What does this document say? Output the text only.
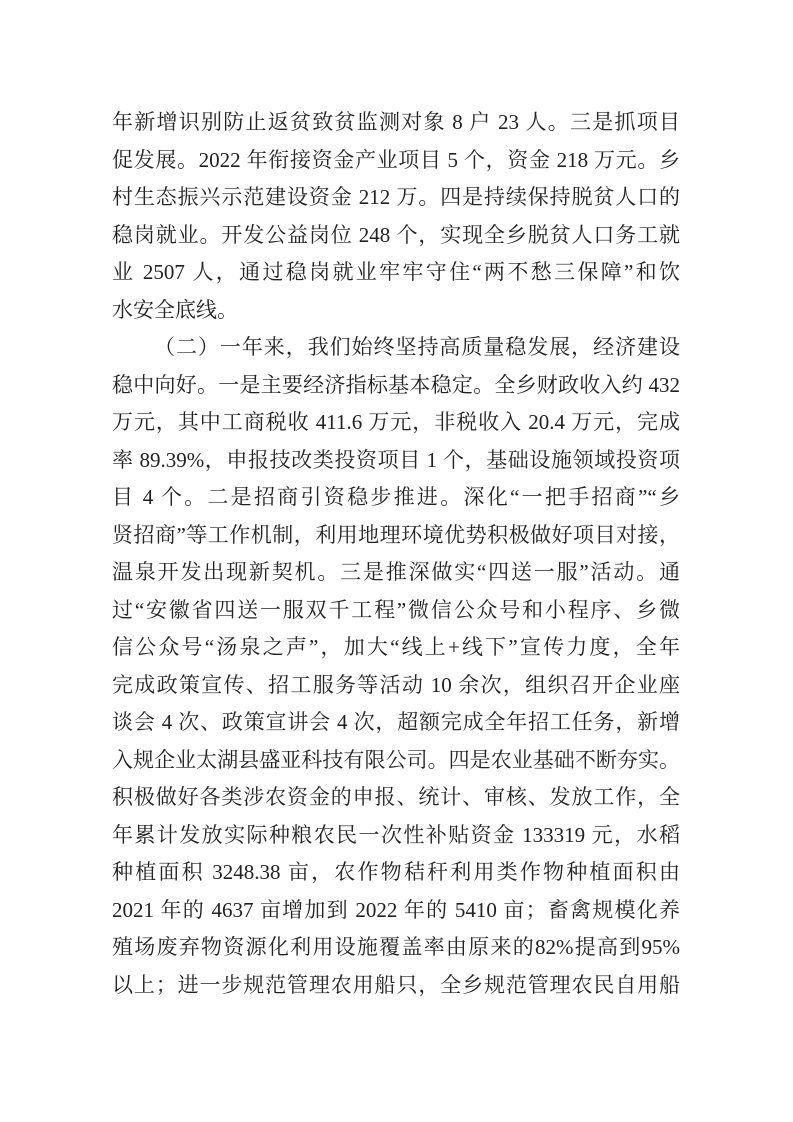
年新增识别防止返贫致贫监测对象 8 户 23 人。三是抓项目
促发展。2022 年衔接资金产业项目 5 个，资金 218 万元。乡
村生态振兴示范建设资金 212 万。四是持续保持脱贫人口的
稳岗就业。开发公益岗位 248 个，实现全乡脱贫人口务工就
业 2507 人，通过稳岗就业牢牢守住“两不愁三保障”和饮
水安全底线。
（二）一年来，我们始终坚持高质量稳发展，经济建设
稳中向好。一是主要经济指标基本稳定。全乡财政收入约 432
万元，其中工商税收 411.6 万元，非税收入 20.4 万元，完成
率 89.39%，申报技改类投资项目 1 个，基础设施领域投资项
目 4 个。二是招商引资稳步推进。深化“一把手招商”“乡
贤招商”等工作机制，利用地理环境优势积极做好项目对接，
温泉开发出现新契机。三是推深做实“四送一服”活动。通
过“安徽省四送一服双千工程”微信公众号和小程序、乡微
信公众号“汤泉之声”，加大“线上+线下”宣传力度，全年
完成政策宣传、招工服务等活动 10 余次，组织召开企业座
谈会 4 次、政策宣讲会 4 次，超额完成全年招工任务，新增
入规企业太湖县盛亚科技有限公司。四是农业基础不断夯实。
积极做好各类涉农资金的申报、统计、审核、发放工作，全
年累计发放实际种粮农民一次性补贴资金 133319 元，水稻
种植面积 3248.38 亩，农作物秸秆利用类作物种植面积由
2021 年的 4637 亩增加到 2022 年的 5410 亩；畜禽规模化养
殖场废弃物资源化利用设施覆盖率由原来的82%提高到95%
以上；进一步规范管理农用船只，全乡规范管理农民自用船
